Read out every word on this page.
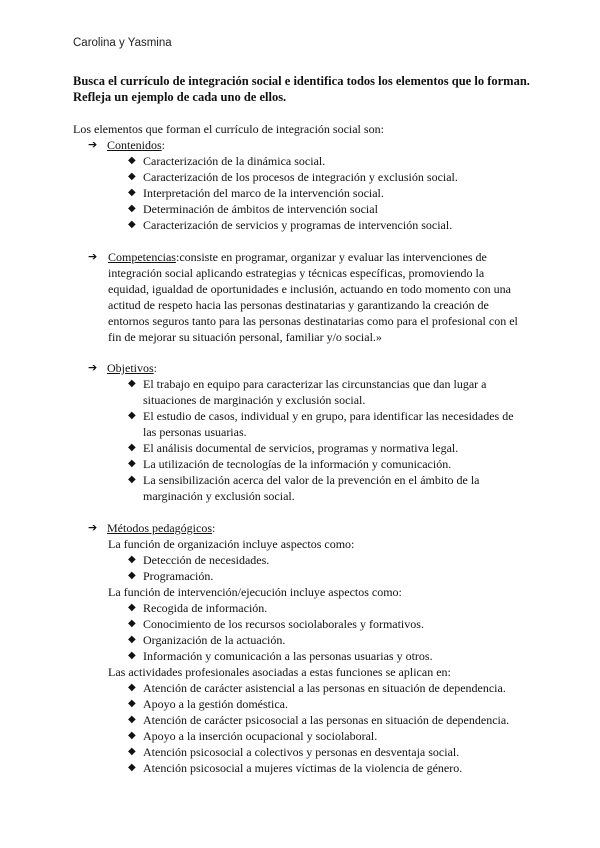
Carolina y Yasmina
Busca el currículo de integración social e identifica todos los elementos que lo forman. Refleja un ejemplo de cada uno de ellos.
Los elementos que forman el currículo de integración social son:
➔ Contenidos:
◆ Caracterización de la dinámica social.
◆ Caracterización de los procesos de integración y exclusión social.
◆ Interpretación del marco de la intervención social.
◆ Determinación de ámbitos de intervención social
◆ Caracterización de servicios y programas de intervención social.
➔ Competencias:consiste en programar, organizar y evaluar las intervenciones de integración social aplicando estrategias y técnicas específicas, promoviendo la equidad, igualdad de oportunidades e inclusión, actuando en todo momento con una actitud de respeto hacia las personas destinatarias y garantizando la creación de entornos seguros tanto para las personas destinatarias como para el profesional con el fin de mejorar su situación personal, familiar y/o social.»
➔ Objetivos:
◆ El trabajo en equipo para caracterizar las circunstancias que dan lugar a situaciones de marginación y exclusión social.
◆ El estudio de casos, individual y en grupo, para identificar las necesidades de las personas usuarias.
◆ El análisis documental de servicios, programas y normativa legal.
◆ La utilización de tecnologías de la información y comunicación.
◆ La sensibilización acerca del valor de la prevención en el ámbito de la marginación y exclusión social.
➔ Métodos pedagógicos:
La función de organización incluye aspectos como:
◆ Detección de necesidades.
◆ Programación.
La función de intervención/ejecución incluye aspectos como:
◆ Recogida de información.
◆ Conocimiento de los recursos sociolaborales y formativos.
◆ Organización de la actuación.
◆ Información y comunicación a las personas usuarias y otros.
Las actividades profesionales asociadas a estas funciones se aplican en:
◆ Atención de carácter asistencial a las personas en situación de dependencia.
◆ Apoyo a la gestión doméstica.
◆ Atención de carácter psicosocial a las personas en situación de dependencia.
◆ Apoyo a la inserción ocupacional y sociolaboral.
◆ Atención psicosocial a colectivos y personas en desventaja social.
◆ Atención psicosocial a mujeres víctimas de la violencia de género.
